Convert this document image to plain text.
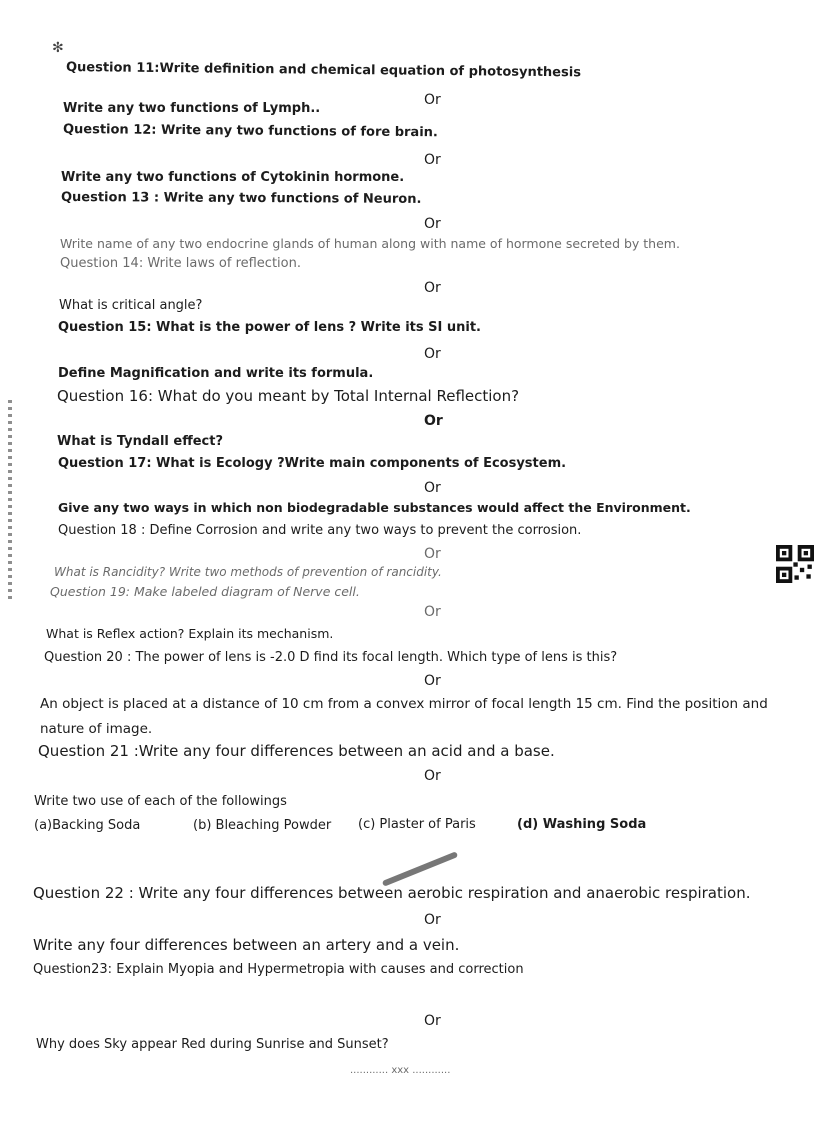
✻
Question 11:Write definition and chemical equation of photosynthesis
Or
Write any two functions of Lymph..
Question 12: Write any two functions of fore brain.
Or
Write any two functions of Cytokinin hormone.
Question 13 : Write any two functions of Neuron.
Or
Write name of any two endocrine glands of human along with name of hormone secreted by them.
Question 14: Write laws of reflection.
Or
What is critical angle?
Question 15: What is the power of lens ? Write its SI unit.
Or
Define Magnification and write its formula.
Question 16: What do you meant by Total Internal Reflection?
Or
What is Tyndall effect?
Question 17: What is Ecology ?Write main components of Ecosystem.
Or
Give any two ways in which non biodegradable substances would affect the Environment.
Question 18 : Define Corrosion and write any two ways to prevent the corrosion.
Or
What is Rancidity? Write two methods of prevention of rancidity.
Question 19: Make labeled diagram of Nerve cell.
Or
What is Reflex action? Explain its mechanism.
Question 20 : The power of lens is -2.0 D find its focal length. Which type of lens is this?
Or
An object is placed at a distance of 10 cm from a convex mirror of focal length 15 cm. Find the position and
nature of image.
Question 21 :Write any four differences between an acid and a base.
Or
Write two use of each of the followings
(a)Backing Soda	(b) Bleaching Powder (c) Plaster of Paris	(d) Washing Soda
Question 22 : Write any four differences between aerobic respiration and anaerobic respiration.
Or
Write any four differences between an artery and a vein.
Question23: Explain Myopia and Hypermetropia with causes and correction
Or
Why does Sky appear Red during Sunrise and Sunset?
............ xxx ............
